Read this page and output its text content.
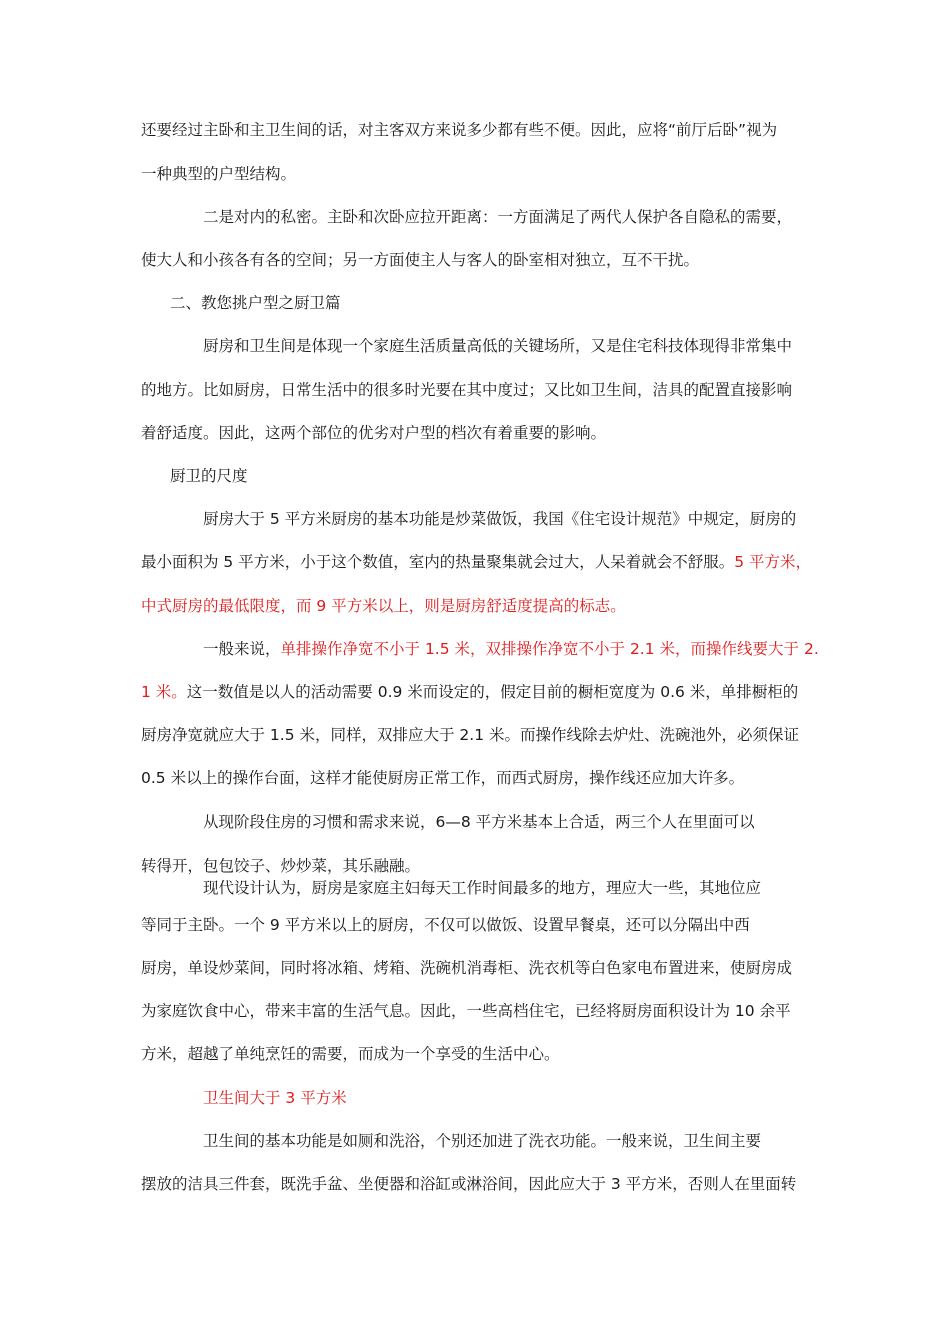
还要经过主卧和主卫生间的话，对主客双方来说多少都有些不便。因此，应将“前厅后卧”视为

一种典型的户型结构。

二是对内的私密。主卧和次卧应拉开距离：一方面满足了两代人保护各自隐私的需要，

使大人和小孩各有各的空间；另一方面使主人与客人的卧室相对独立，互不干扰。

二、教您挑户型之厨卫篇

厨房和卫生间是体现一个家庭生活质量高低的关键场所，又是住宅科技体现得非常集中

的地方。比如厨房，日常生活中的很多时光要在其中度过；又比如卫生间，洁具的配置直接影响

着舒适度。因此，这两个部位的优劣对户型的档次有着重要的影响。

厨卫的尺度

厨房大于 5 平方米厨房的基本功能是炒菜做饭，我国《住宅设计规范》中规定，厨房的

最小面积为 5 平方米，小于这个数值，室内的热量聚集就会过大，人呆着就会不舒服。5 平方米，

中式厨房的最低限度，而 9 平方米以上，则是厨房舒适度提高的标志。

一般来说，单排操作净宽不小于 1.5 米，双排操作净宽不小于 2.1 米，而操作线要大于 2.

1 米。这一数值是以人的活动需要 0.9 米而设定的，假定目前的橱柜宽度为 0.6 米，单排橱柜的

厨房净宽就应大于 1.5 米，同样，双排应大于 2.1 米。而操作线除去炉灶、洗碗池外，必须保证

0.5 米以上的操作台面，这样才能使厨房正常工作，而西式厨房，操作线还应加大许多。

从现阶段住房的习惯和需求来说，6—8 平方米基本上合适，两三个人在里面可以

转得开，包包饺子、炒炒菜，其乐融融。

现代设计认为，厨房是家庭主妇每天工作时间最多的地方，理应大一些，其地位应

等同于主卧。一个 9 平方米以上的厨房，不仅可以做饭、设置早餐桌，还可以分隔出中西

厨房，单设炒菜间，同时将冰箱、烤箱、洗碗机消毒柜、洗衣机等白色家电布置进来，使厨房成

为家庭饮食中心，带来丰富的生活气息。因此，一些高档住宅，已经将厨房面积设计为 10 余平

方米，超越了单纯烹饪的需要，而成为一个享受的生活中心。

卫生间大于 3 平方米

卫生间的基本功能是如厕和洗浴，个别还加进了洗衣功能。一般来说，卫生间主要

摆放的洁具三件套，既洗手盆、坐便器和浴缸或淋浴间，因此应大于 3 平方米，否则人在里面转
